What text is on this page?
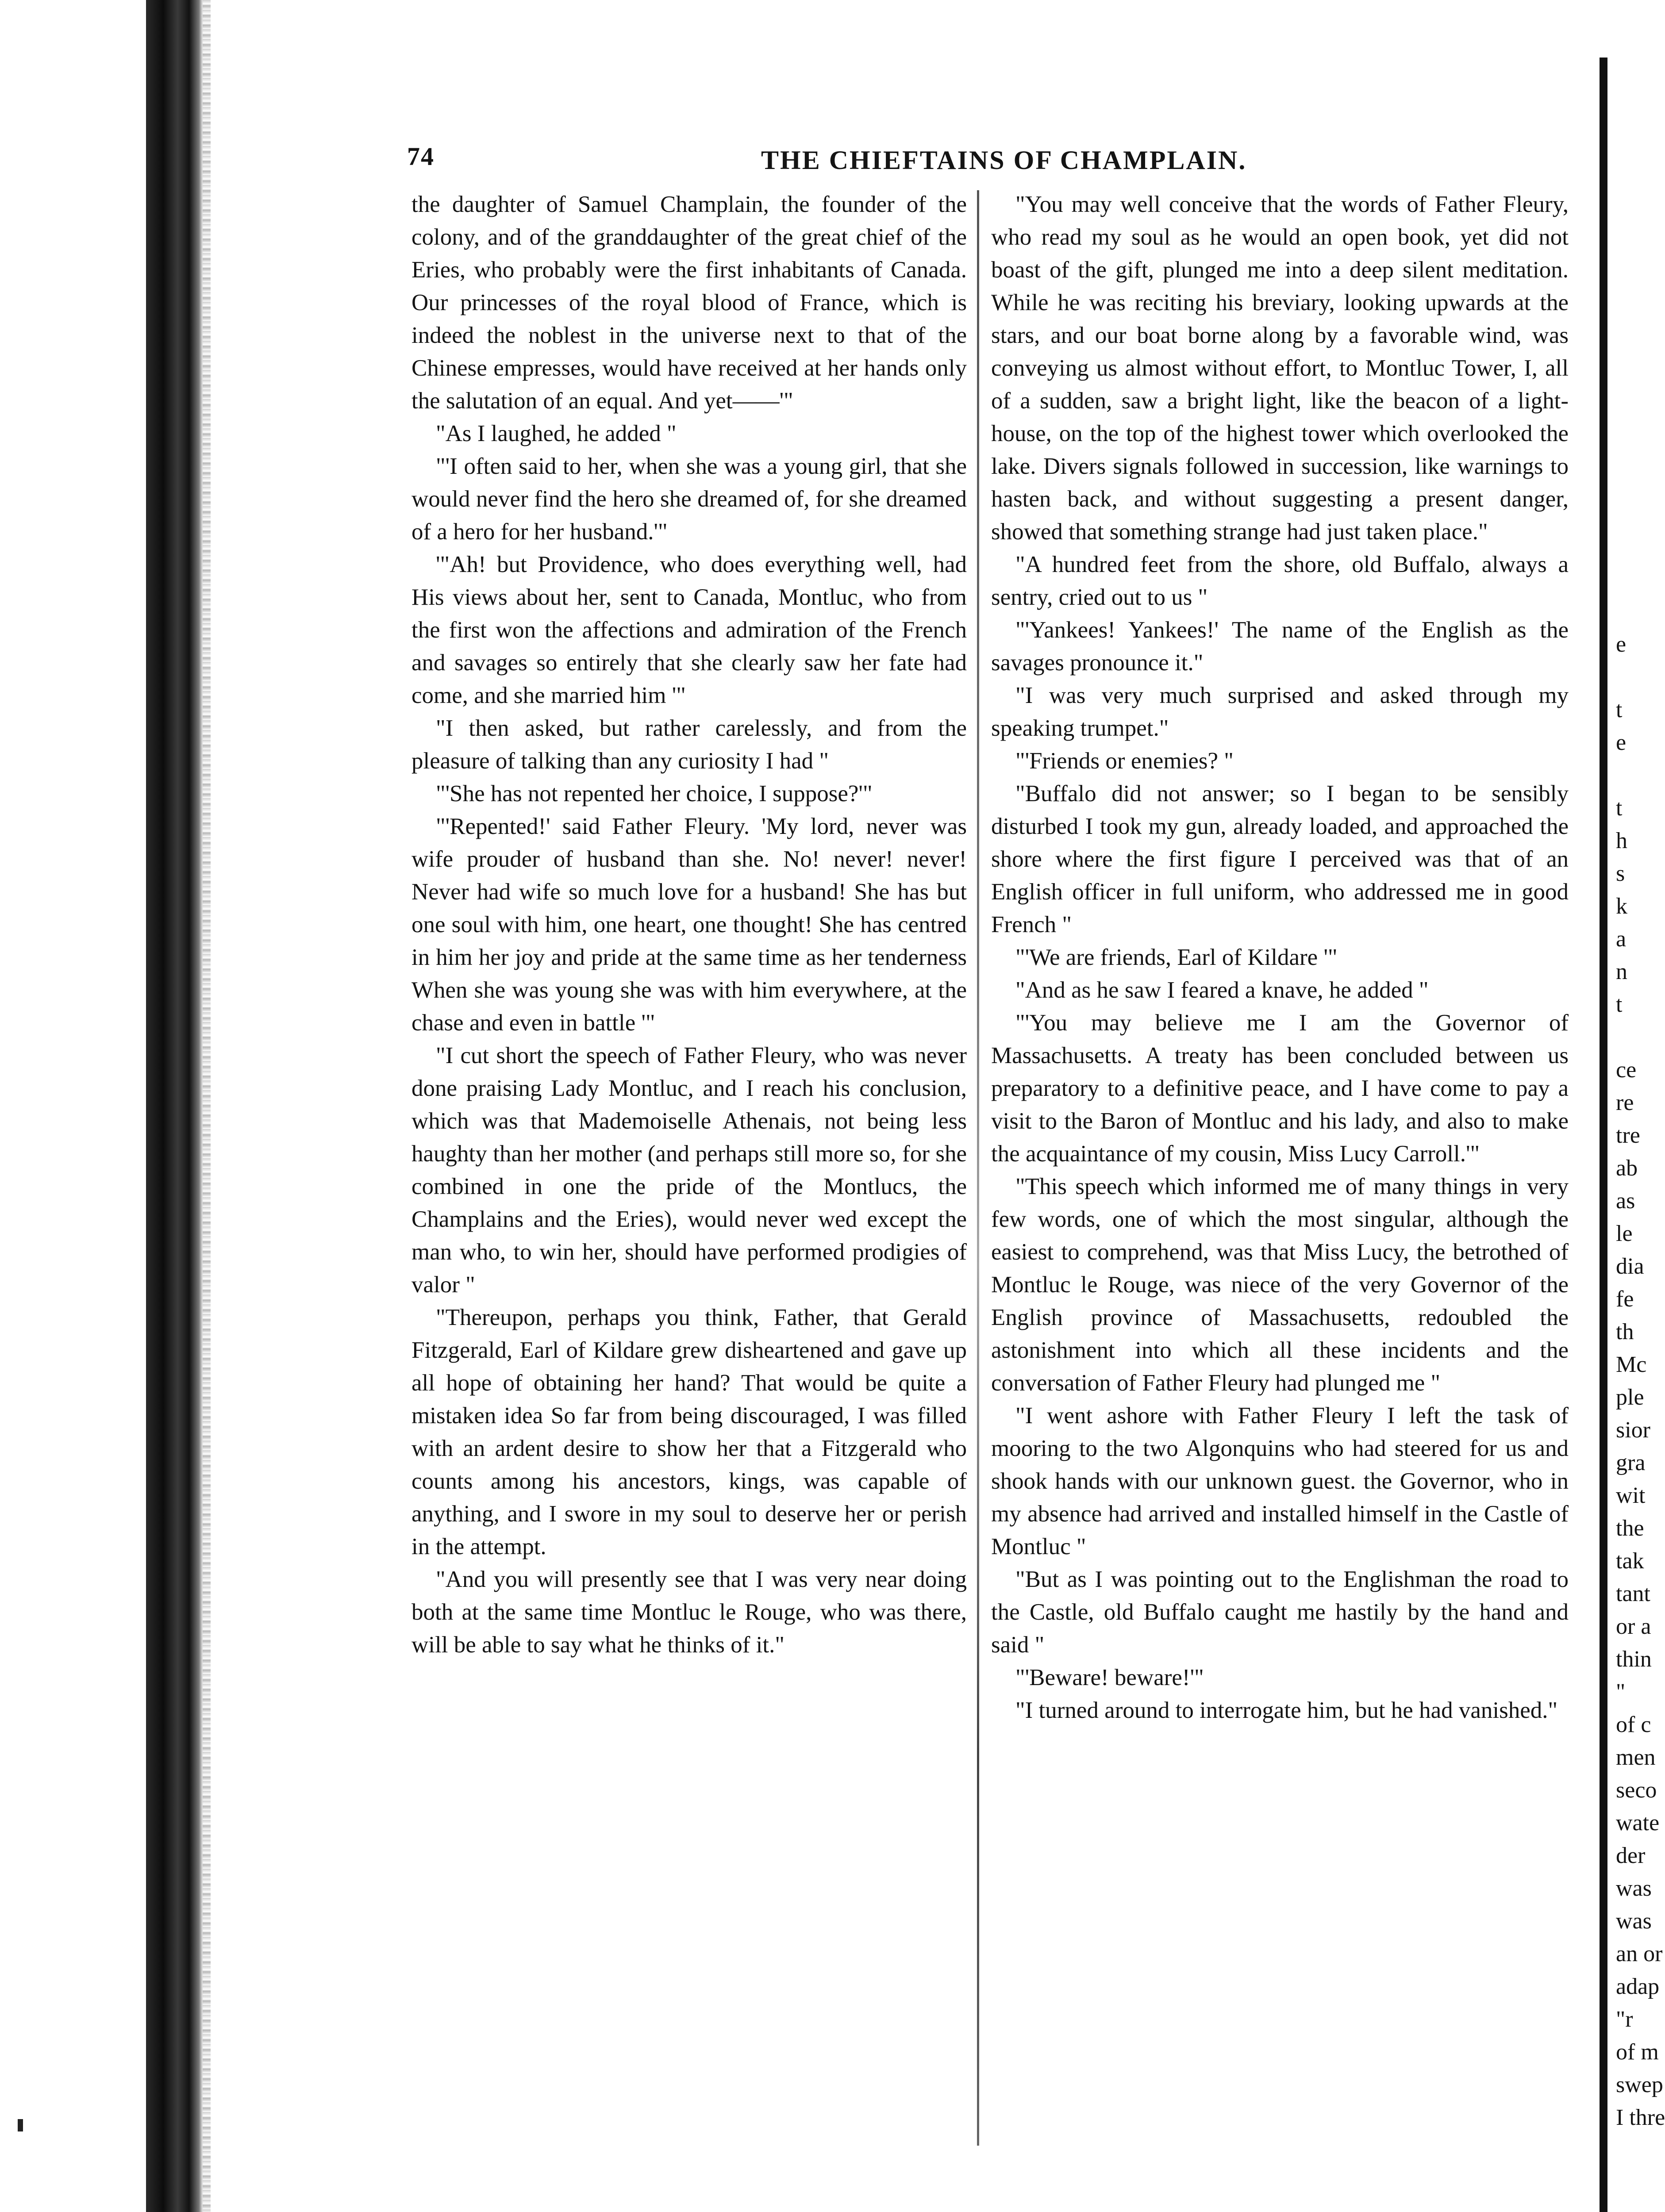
74	THE CHIEFTAINS OF CHAMPLAIN.

the daughter of Samuel Champlain, the founder of the colony, and of the granddaughter of the great chief of the Eries, who probably were the first inhabitants of Canada. Our princesses of the royal blood of France, which is indeed the noblest in the universe next to that of the Chinese empresses, would have received at her hands only the salutation of an equal. And yet——'"

"As I laughed, he added "

"'I often said to her, when she was a young girl, that she would never find the hero she dreamed of, for she dreamed of a hero for her husband.'"

'"Ah! but Providence, who does everything well, had His views about her, sent to Canada, Montluc, who from the first won the affections and admiration of the French and savages so entirely that she clearly saw her fate had come, and she married him '"

"I then asked, but rather carelessly, and from the pleasure of talking than any curiosity I had "

"'She has not repented her choice, I suppose?'"

"'Repented!' said Father Fleury. 'My lord, never was wife prouder of husband than she. No! never! never! Never had wife so much love for a husband! She has but one soul with him, one heart, one thought! She has centred in him her joy and pride at the same time as her tenderness When she was young she was with him everywhere, at the chase and even in battle '"

"I cut short the speech of Father Fleury, who was never done praising Lady Montluc, and I reach his conclusion, which was that Mademoiselle Athenais, not being less haughty than her mother (and perhaps still more so, for she combined in one the pride of the Montlucs, the Champlains and the Eries), would never wed except the man who, to win her, should have performed prodigies of valor "

"Thereupon, perhaps you think, Father, that Gerald Fitzgerald, Earl of Kildare grew disheartened and gave up all hope of obtaining her hand? That would be quite a mistaken idea So far from being discouraged, I was filled with an ardent desire to show her that a Fitzgerald who counts among his ancestors, kings, was capable of anything, and I swore in my soul to deserve her or perish in the attempt.

"And you will presently see that I was very near doing both at the same time Montluc le Rouge, who was there, will be able to say what he thinks of it."

"You may well conceive that the words of Father Fleury, who read my soul as he would an open book, yet did not boast of the gift, plunged me into a deep silent meditation. While he was reciting his breviary, looking upwards at the stars, and our boat borne along by a favorable wind, was conveying us almost without effort, to Montluc Tower, I, all of a sudden, saw a bright light, like the beacon of a light-house, on the top of the highest tower which overlooked the lake. Divers signals followed in succession, like warnings to hasten back, and without suggesting a present danger, showed that something strange had just taken place."

"A hundred feet from the shore, old Buffalo, always a sentry, cried out to us "

"'Yankees! Yankees!' The name of the English as the savages pronounce it."

"I was very much surprised and asked through my speaking trumpet."

"'Friends or enemies? "

"Buffalo did not answer; so I began to be sensibly disturbed I took my gun, already loaded, and approached the shore where the first figure I perceived was that of an English officer in full uniform, who addressed me in good French "

"'We are friends, Earl of Kildare '"

"And as he saw I feared a knave, he added "

"'You may believe me I am the Governor of Massachusetts. A treaty has been concluded between us preparatory to a definitive peace, and I have come to pay a visit to the Baron of Montluc and his lady, and also to make the acquaintance of my cousin, Miss Lucy Carroll.'"

"This speech which informed me of many things in very few words, one of which the most singular, although the easiest to comprehend, was that Miss Lucy, the betrothed of Montluc le Rouge, was niece of the very Governor of the English province of Massachusetts, redoubled the astonishment into which all these incidents and the conversation of Father Fleury had plunged me "

"I went ashore with Father Fleury I left the task of mooring to the two Algonquins who had steered for us and shook hands with our unknown guest. the Governor, who in my absence had arrived and installed himself in the Castle of Montluc "

"But as I was pointing out to the Englishman the road to the Castle, old Buffalo caught me hastily by the hand and said "

"'Beware! beware!'"

"I turned around to interrogate him, but he had vanished."

e
t
e
t
h
s
k
a
n
t
ce
re
tre
ab
as
le
dia
fe
th
Mc
ple
sior
gra
wit
the
tak
tant
or a
thin
"
of c
men
seco
wate
der
was
was
an or
adap
"r
of m
swep
I thre
